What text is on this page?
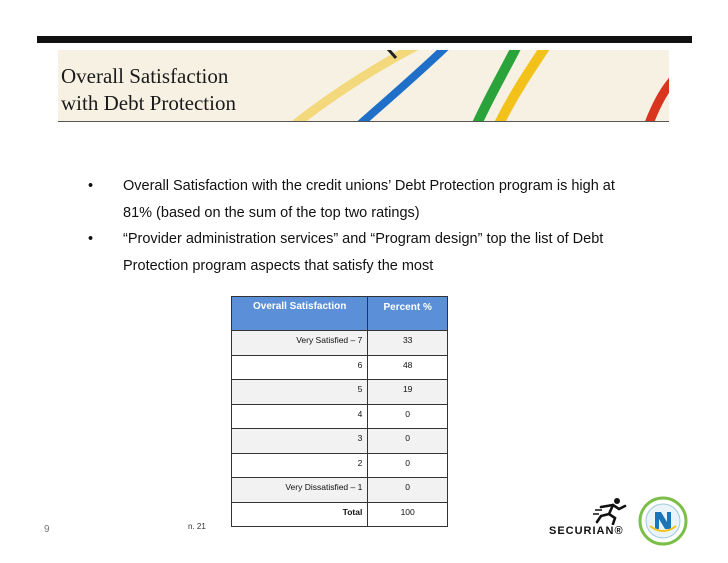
Overall Satisfaction
with Debt Protection
• Overall Satisfaction with the credit unions’ Debt Protection program is high at
81% (based on the sum of the top two ratings)
• “Provider administration services” and “Program design” top the list of Debt
Protection program aspects that satisfy the most
Overall Satisfaction	Percent %
Very Satisfied – 7	33
6	48
5	19
4	0
3	0
2	0
Very Dissatisfied – 1	0
Total	100
9	n. 21	SECURIAN®
